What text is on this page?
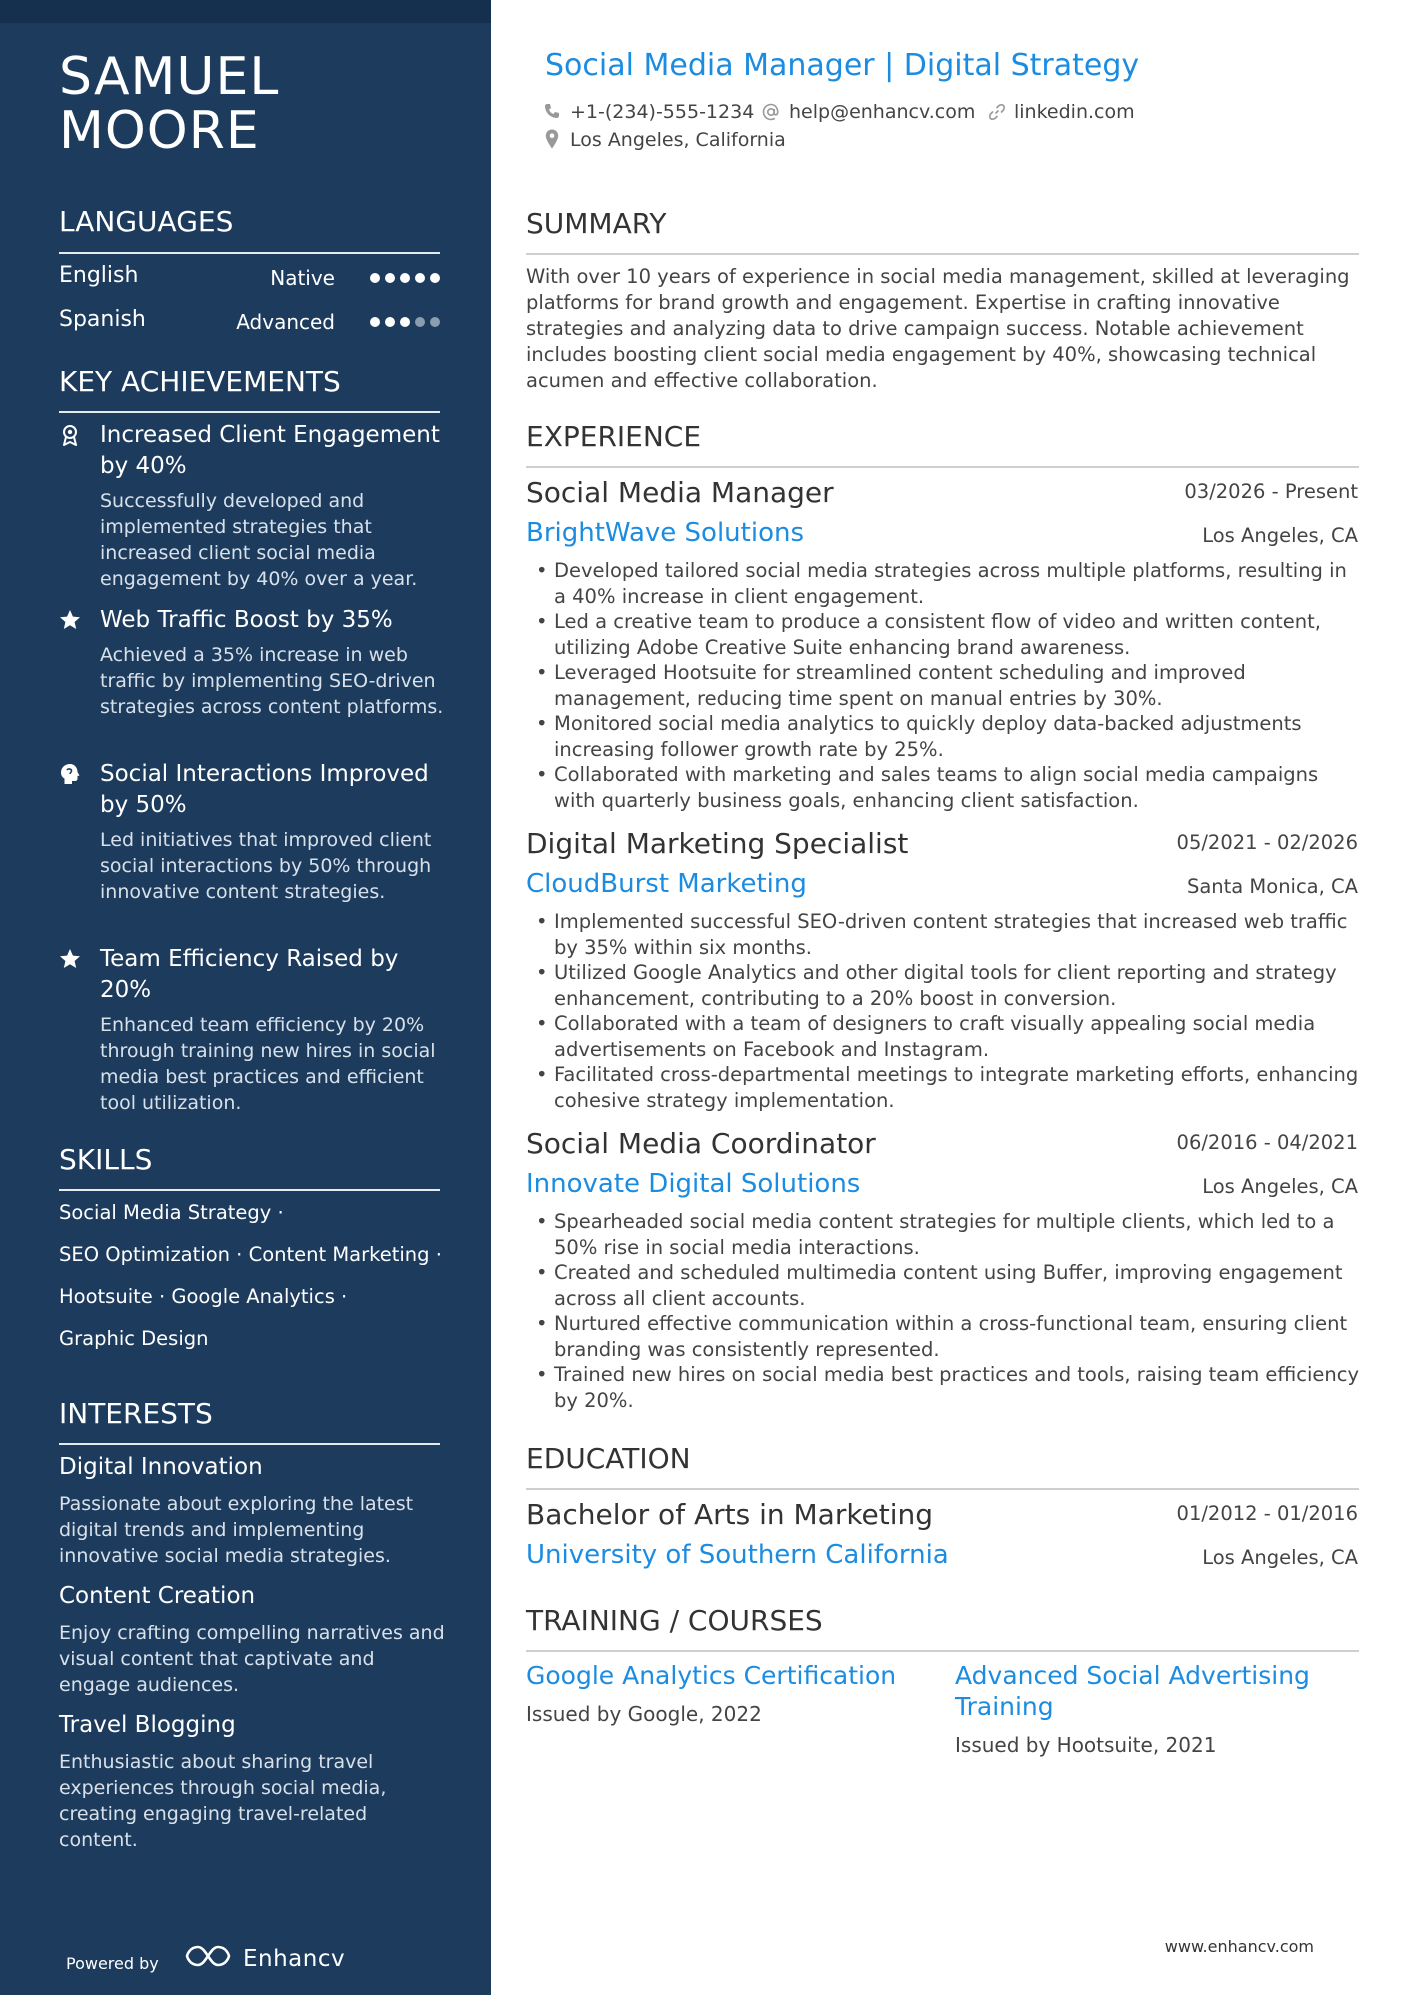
SAMUEL
MOORE
LANGUAGES
English	Native
Spanish	Advanced
KEY ACHIEVEMENTS
Increased Client Engagement by 40%
Successfully developed and implemented strategies that increased client social media engagement by 40% over a year.
Web Traffic Boost by 35%
Achieved a 35% increase in web traffic by implementing SEO-driven strategies across content platforms.
Social Interactions Improved by 50%
Led initiatives that improved client social interactions by 50% through innovative content strategies.
Team Efficiency Raised by 20%
Enhanced team efficiency by 20% through training new hires in social media best practices and efficient tool utilization.
SKILLS
Social Media Strategy ·
SEO Optimization · Content Marketing ·
Hootsuite · Google Analytics ·
Graphic Design
INTERESTS
Digital Innovation
Passionate about exploring the latest digital trends and implementing innovative social media strategies.
Content Creation
Enjoy crafting compelling narratives and visual content that captivate and engage audiences.
Travel Blogging
Enthusiastic about sharing travel experiences through social media, creating engaging travel-related content.
Powered by	Enhancv
Social Media Manager | Digital Strategy
+1-(234)-555-1234 help@enhancv.com linkedin.com
Los Angeles, California
SUMMARY
With over 10 years of experience in social media management, skilled at leveraging platforms for brand growth and engagement. Expertise in crafting innovative strategies and analyzing data to drive campaign success. Notable achievement includes boosting client social media engagement by 40%, showcasing technical acumen and effective collaboration.
EXPERIENCE
Social Media Manager	03/2026 - Present
BrightWave Solutions	Los Angeles, CA
• Developed tailored social media strategies across multiple platforms, resulting in a 40% increase in client engagement.
• Led a creative team to produce a consistent flow of video and written content, utilizing Adobe Creative Suite enhancing brand awareness.
• Leveraged Hootsuite for streamlined content scheduling and improved management, reducing time spent on manual entries by 30%.
• Monitored social media analytics to quickly deploy data-backed adjustments increasing follower growth rate by 25%.
• Collaborated with marketing and sales teams to align social media campaigns with quarterly business goals, enhancing client satisfaction.
Digital Marketing Specialist	05/2021 - 02/2026
CloudBurst Marketing	Santa Monica, CA
• Implemented successful SEO-driven content strategies that increased web traffic by 35% within six months.
• Utilized Google Analytics and other digital tools for client reporting and strategy enhancement, contributing to a 20% boost in conversion.
• Collaborated with a team of designers to craft visually appealing social media advertisements on Facebook and Instagram.
• Facilitated cross-departmental meetings to integrate marketing efforts, enhancing cohesive strategy implementation.
Social Media Coordinator	06/2016 - 04/2021
Innovate Digital Solutions	Los Angeles, CA
• Spearheaded social media content strategies for multiple clients, which led to a 50% rise in social media interactions.
• Created and scheduled multimedia content using Buffer, improving engagement across all client accounts.
• Nurtured effective communication within a cross-functional team, ensuring client branding was consistently represented.
• Trained new hires on social media best practices and tools, raising team efficiency by 20%.
EDUCATION
Bachelor of Arts in Marketing	01/2012 - 01/2016
University of Southern California	Los Angeles, CA
TRAINING / COURSES
Google Analytics Certification
Issued by Google, 2022
Advanced Social Advertising Training
Issued by Hootsuite, 2021
www.enhancv.com
